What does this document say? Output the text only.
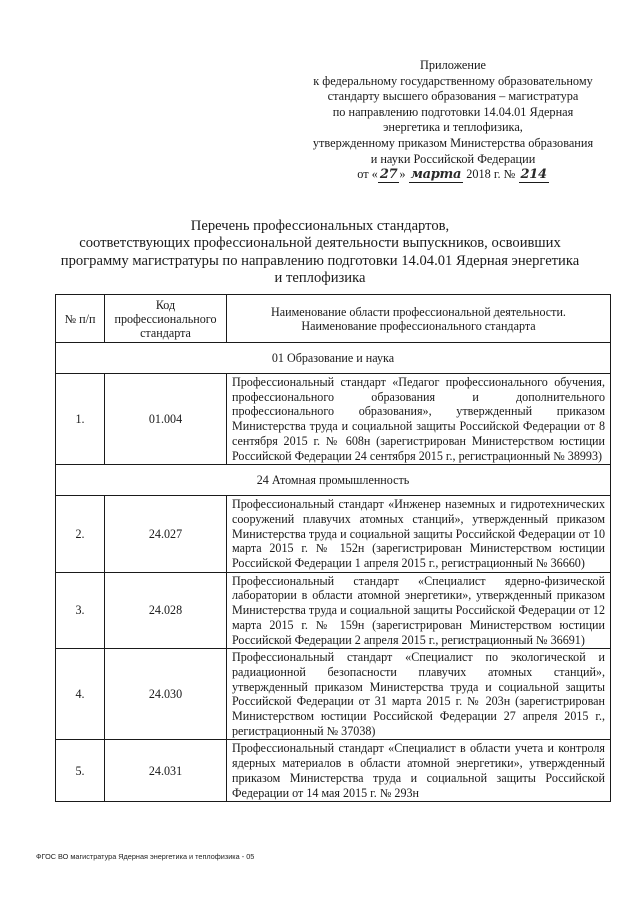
Приложение
к федеральному государственному образовательному
стандарту высшего образования – магистратура
по направлению подготовки 14.04.01 Ядерная
энергетика и теплофизика,
утвержденному приказом Министерства образования
и науки Российской Федерации
от « 27 » марта 2018 г. № 214
Перечень профессиональных стандартов,
соответствующих профессиональной деятельности выпускников, освоивших
программу магистратуры по направлению подготовки 14.04.01 Ядерная энергетика
и теплофизика
№ п/п	Код профессионального стандарта	Наименование области профессиональной деятельности.
Наименование профессионального стандарта
01 Образование и наука		
1.	01.004	Профессиональный стандарт «Педагог профессионального обучения, профессионального образования и дополнительного профессионального образования», утвержденный приказом Министерства труда и социальной защиты Российской Федерации от 8 сентября 2015 г. № 608н (зарегистрирован Министерством юстиции Российской Федерации 24 сентября 2015 г., регистрационный № 38993)
24 Атомная промышленность		
2.	24.027	Профессиональный стандарт «Инженер наземных и гидротехнических сооружений плавучих атомных станций», утвержденный приказом Министерства труда и социальной защиты Российской Федерации от 10 марта 2015 г. № 152н (зарегистрирован Министерством юстиции Российской Федерации 1 апреля 2015 г., регистрационный № 36660)
3.	24.028	Профессиональный стандарт «Специалист ядерно-физической лаборатории в области атомной энергетики», утвержденный приказом Министерства труда и социальной защиты Российской Федерации от 12 марта 2015 г. № 159н (зарегистрирован Министерством юстиции Российской Федерации 2 апреля 2015 г., регистрационный № 36691)
4.	24.030	Профессиональный стандарт «Специалист по экологической и радиационной безопасности плавучих атомных станций», утвержденный приказом Министерства труда и социальной защиты Российской Федерации от 31 марта 2015 г. № 203н (зарегистрирован Министерством юстиции Российской Федерации 27 апреля 2015 г., регистрационный № 37038)
5.	24.031	Профессиональный стандарт «Специалист в области учета и контроля ядерных материалов в области атомной энергетики», утвержденный приказом Министерства труда и социальной защиты Российской Федерации от 14 мая 2015 г. № 293н
ФГОС ВО магистратура Ядерная энергетика и теплофизика - 05
